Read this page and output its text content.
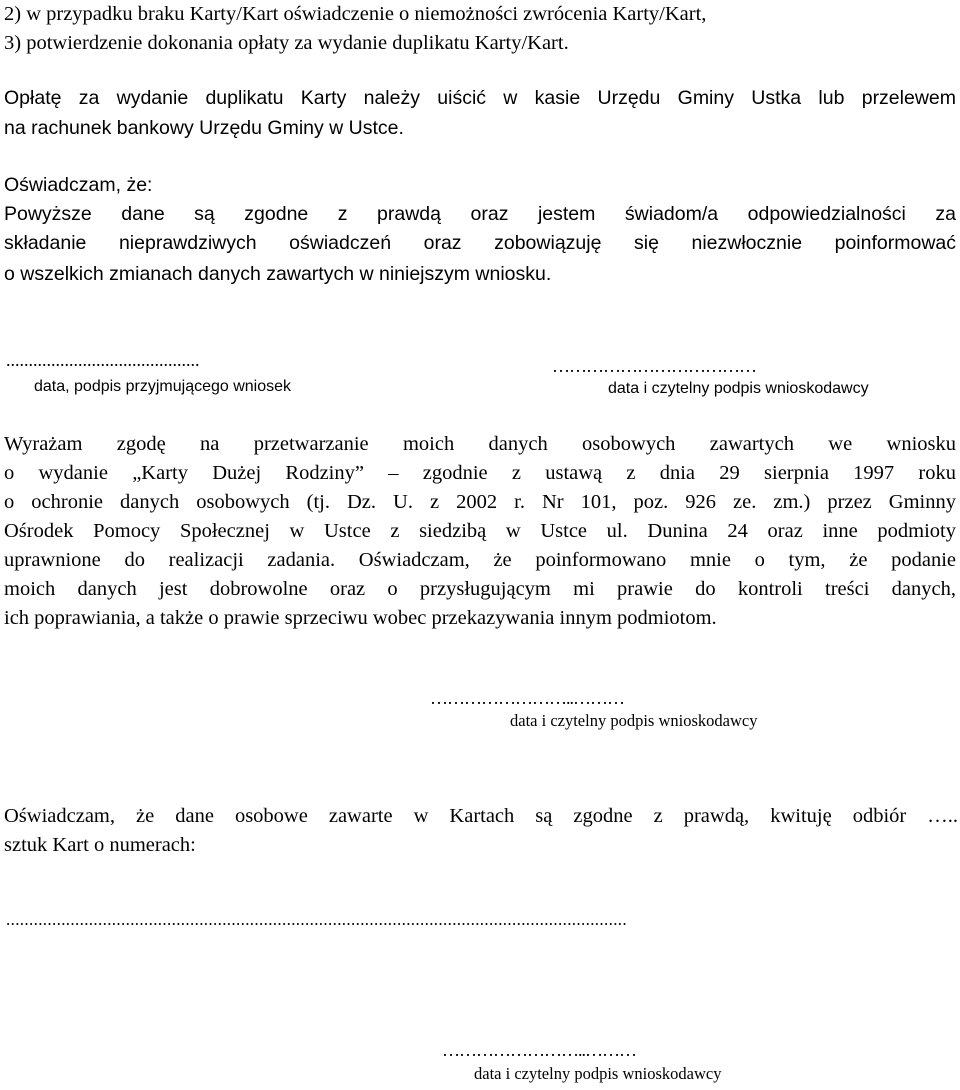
2) w przypadku braku Karty/Kart oświadczenie o niemożności zwrócenia Karty/Kart,
3) potwierdzenie dokonania opłaty za wydanie duplikatu Karty/Kart.
Opłatę za wydanie duplikatu Karty należy uiścić w kasie Urzędu Gminy Ustka lub przelewem
na rachunek bankowy Urzędu Gminy w Ustce.
Oświadczam, że:
Powyższe dane są zgodne z prawdą oraz jestem świadom/a odpowiedzialności za
składanie nieprawdziwych oświadczeń oraz zobowiązuję się niezwłocznie poinformować
o wszelkich zmianach danych zawartych w niniejszym wniosku.
...........................................
data, podpis przyjmującego wniosek
………………………………
data i czytelny podpis wnioskodawcy
Wyrażam zgodę na przetwarzanie moich danych osobowych zawartych we wniosku
o wydanie „Karty Dużej Rodziny” – zgodnie z ustawą z dnia 29 sierpnia 1997 roku
o ochronie danych osobowych (tj. Dz. U. z 2002 r. Nr 101, poz. 926 ze. zm.) przez Gminny
Ośrodek Pomocy Społecznej w Ustce z siedzibą w Ustce ul. Dunina 24 oraz inne podmioty
uprawnione do realizacji zadania. Oświadczam, że poinformowano mnie o tym, że podanie
moich danych jest dobrowolne oraz o przysługującym mi prawie do kontroli treści danych,
ich poprawiania, a także o prawie sprzeciwu wobec przekazywania innym podmiotom.
……………………..………
data i czytelny podpis wnioskodawcy
Oświadczam, że dane osobowe zawarte w Kartach są zgodne z prawdą, kwituję odbiór …..
sztuk Kart o numerach:
.......................................................................................................................................
……………………..………
data i czytelny podpis wnioskodawcy
